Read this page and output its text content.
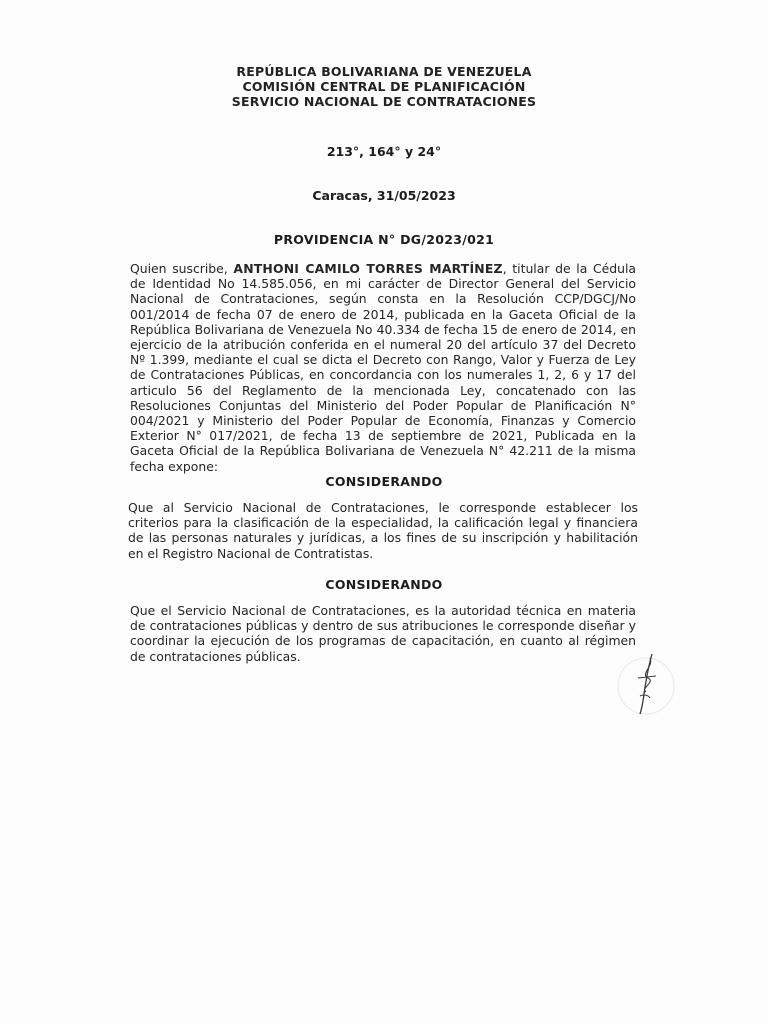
REPÚBLICA BOLIVARIANA DE VENEZUELA
COMISIÓN CENTRAL DE PLANIFICACIÓN
SERVICIO NACIONAL DE CONTRATACIONES
213°, 164° y 24°
Caracas, 31/05/2023
PROVIDENCIA N° DG/2023/021
Quien suscribe, ANTHONI CAMILO TORRES MARTÍNEZ, titular de la Cédula de Identidad No 14.585.056, en mi carácter de Director General del Servicio Nacional de Contrataciones, según consta en la Resolución CCP/DGCJ/No 001/2014 de fecha 07 de enero de 2014, publicada en la Gaceta Oficial de la República Bolivariana de Venezuela No 40.334 de fecha 15 de enero de 2014, en ejercicio de la atribución conferida en el numeral 20 del artículo 37 del Decreto Nº 1.399, mediante el cual se dicta el Decreto con Rango, Valor y Fuerza de Ley de Contrataciones Públicas, en concordancia con los numerales 1, 2, 6 y 17 del articulo 56 del Reglamento de la mencionada Ley, concatenado con las Resoluciones Conjuntas del Ministerio del Poder Popular de Planificación N° 004/2021 y Ministerio del Poder Popular de Economía, Finanzas y Comercio Exterior N° 017/2021, de fecha 13 de septiembre de 2021, Publicada en la Gaceta Oficial de la República Bolivariana de Venezuela N° 42.211 de la misma fecha expone:
CONSIDERANDO
Que al Servicio Nacional de Contrataciones, le corresponde establecer los criterios para la clasificación de la especialidad, la calificación legal y financiera de las personas naturales y jurídicas, a los fines de su inscripción y habilitación en el Registro Nacional de Contratistas.
CONSIDERANDO
Que el Servicio Nacional de Contrataciones, es la autoridad técnica en materia de contrataciones públicas y dentro de sus atribuciones le corresponde diseñar y coordinar la ejecución de los programas de capacitación, en cuanto al régimen de contrataciones públicas.
